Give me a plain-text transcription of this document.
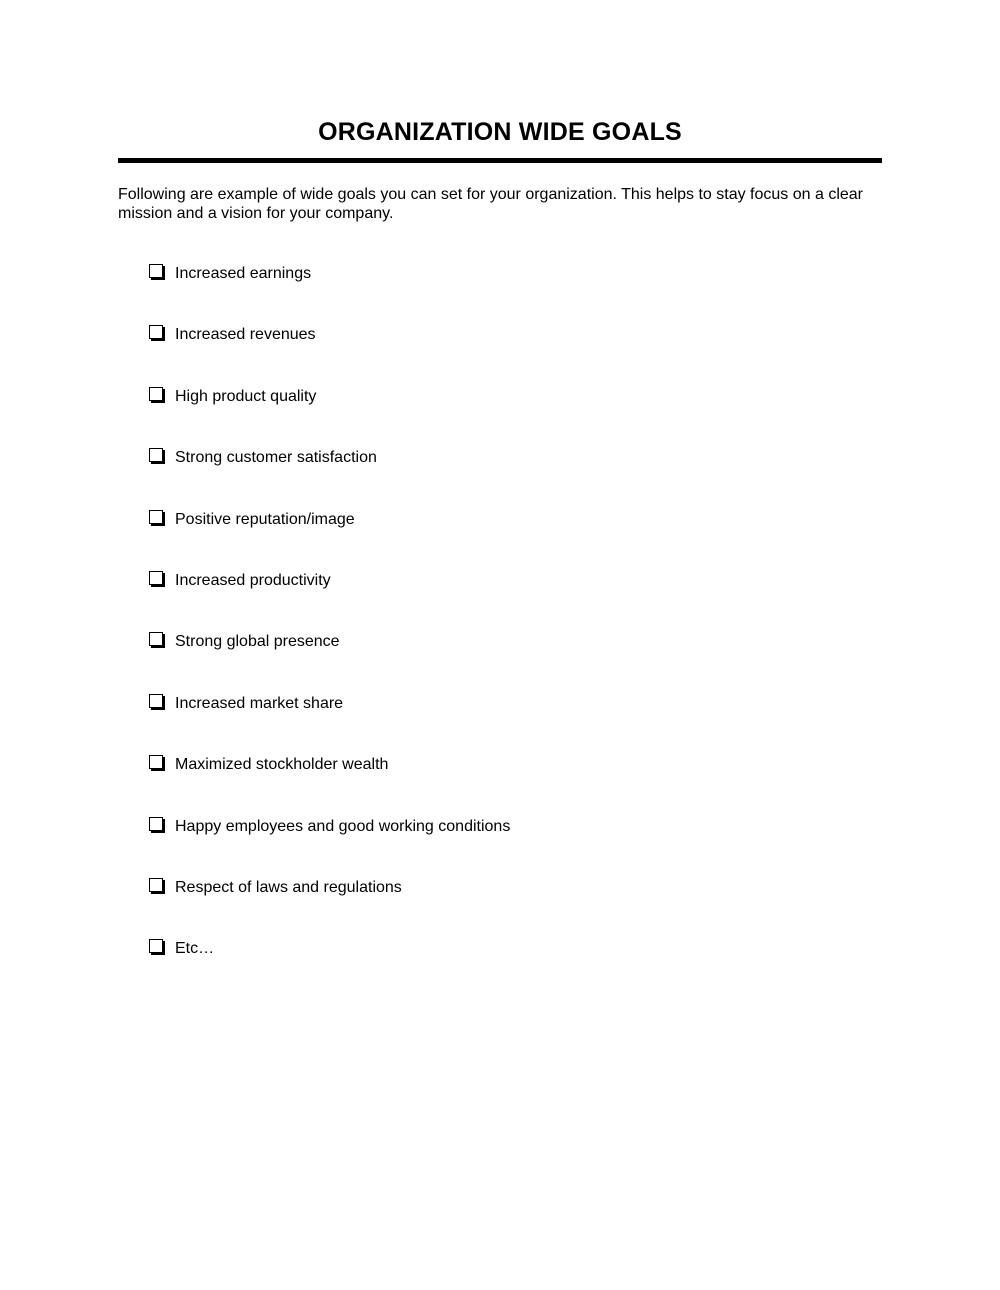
ORGANIZATION WIDE GOALS
Following are example of wide goals you can set for your organization. This helps to stay focus on a clear mission and a vision for your company.
Increased earnings
Increased revenues
High product quality
Strong customer satisfaction
Positive reputation/image
Increased productivity
Strong global presence
Increased market share
Maximized stockholder wealth
Happy employees and good working conditions
Respect of laws and regulations
Etc…
